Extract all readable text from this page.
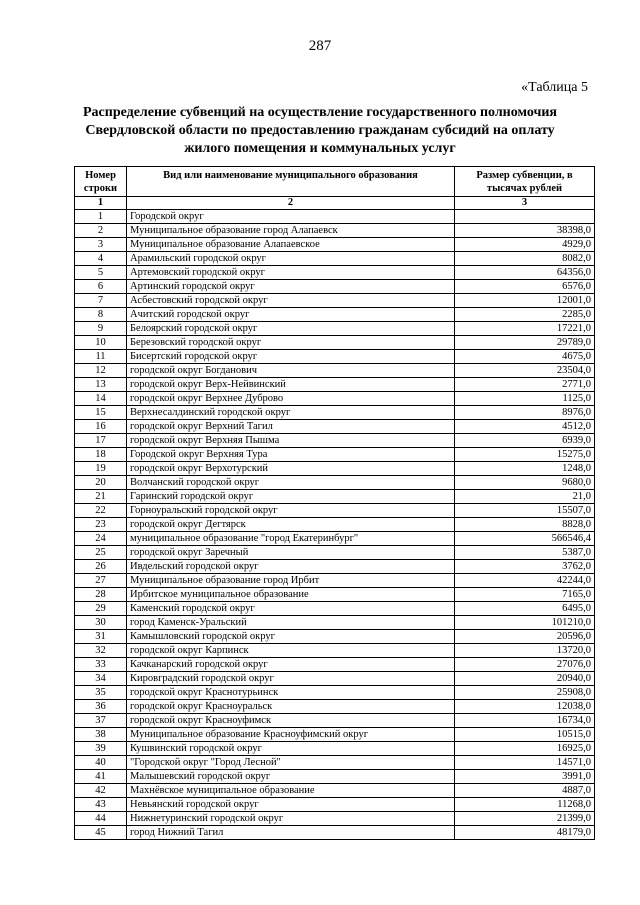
287
«Таблица 5
Распределение субвенций на осуществление государственного полномочия Свердловской области по предоставлению гражданам субсидий на оплату жилого помещения и коммунальных услуг
Номер строки	Вид или наименование муниципального образования	Размер субвенции, в тысячах рублей
1	2	3
1	Городской округ	
2	Муниципальное образование город Алапаевск	38398,0
3	Муниципальное образование Алапаевское	4929,0
4	Арамильский городской округ	8082,0
5	Артемовский городской округ	64356,0
6	Артинский городской округ	6576,0
7	Асбестовский городской округ	12001,0
8	Ачитский городской округ	2285,0
9	Белоярский городской округ	17221,0
10	Березовский городской округ	29789,0
11	Бисертский городской округ	4675,0
12	городской округ Богданович	23504,0
13	городской округ Верх-Нейвинский	2771,0
14	городской округ Верхнее Дуброво	1125,0
15	Верхнесалдинский городской округ	8976,0
16	городской округ Верхний Тагил	4512,0
17	городской округ Верхняя Пышма	6939,0
18	Городской округ Верхняя Тура	15275,0
19	городской округ Верхотурский	1248,0
20	Волчанский городской округ	9680,0
21	Гаринский городской округ	21,0
22	Горноуральский городской округ	15507,0
23	городской округ Дегтярск	8828,0
24	муниципальное образование "город Екатеринбург"	566546,4
25	городской округ Заречный	5387,0
26	Ивдельский городской округ	3762,0
27	Муниципальное образование город Ирбит	42244,0
28	Ирбитское муниципальное образование	7165,0
29	Каменский городской округ	6495,0
30	город Каменск-Уральский	101210,0
31	Камышловский городской округ	20596,0
32	городской округ Карпинск	13720,0
33	Качканарский городской округ	27076,0
34	Кировградский городской округ	20940,0
35	городской округ Краснотурьинск	25908,0
36	городской округ Красноуральск	12038,0
37	городской округ Красноуфимск	16734,0
38	Муниципальное образование Красноуфимский округ	10515,0
39	Кушвинский городской округ	16925,0
40	"Городской округ "Город Лесной"	14571,0
41	Малышевский городской округ	3991,0
42	Махнёвское муниципальное образование	4887,0
43	Невьянский городской округ	11268,0
44	Нижнетуринский городской округ	21399,0
45	город Нижний Тагил	48179,0
